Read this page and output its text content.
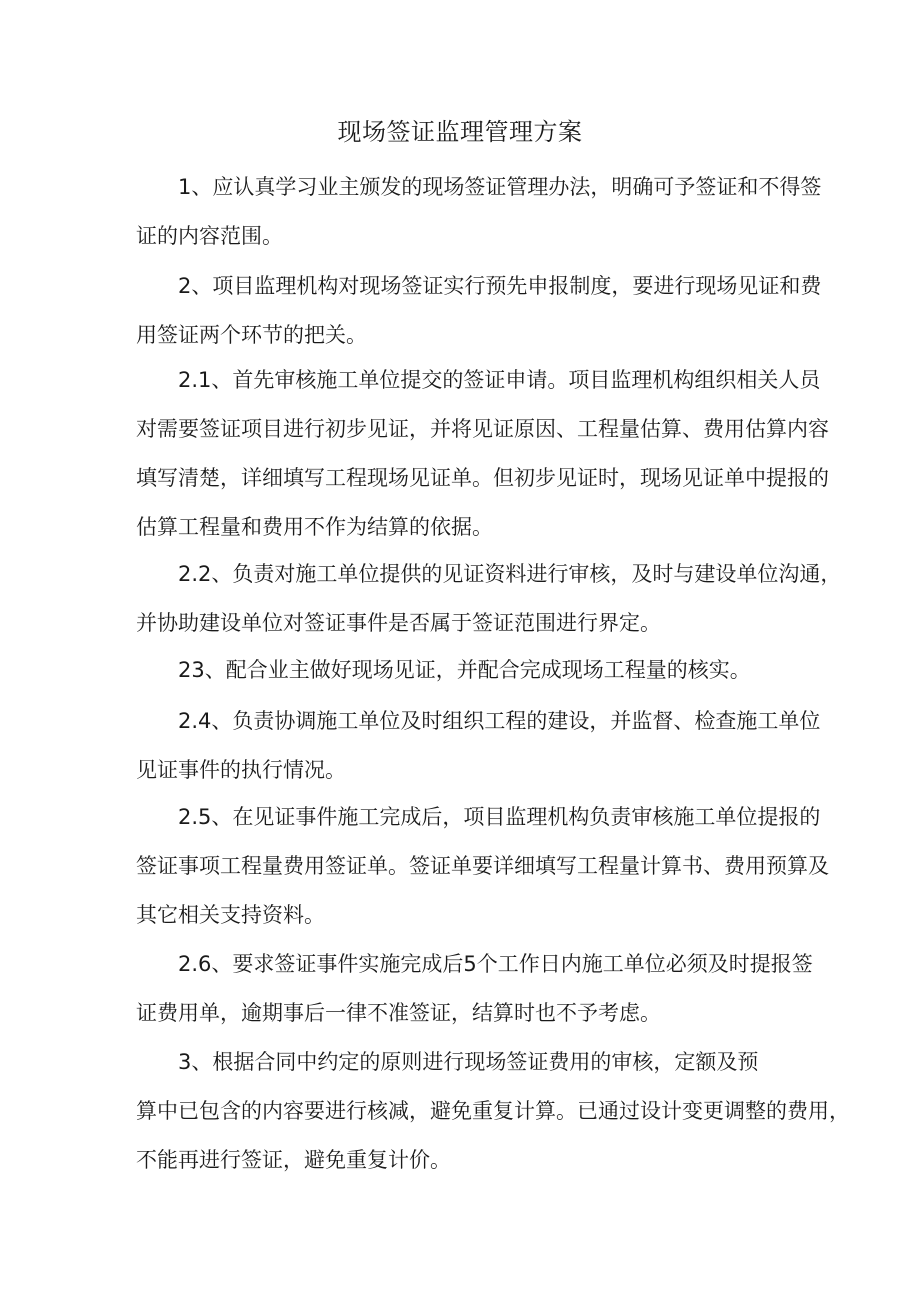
现场签证监理管理方案

1、应认真学习业主颁发的现场签证管理办法，明确可予签证和不得签
证的内容范围。

2、项目监理机构对现场签证实行预先申报制度，要进行现场见证和费
用签证两个环节的把关。

2.1、首先审核施工单位提交的签证申请。项目监理机构组织相关人员
对需要签证项目进行初步见证，并将见证原因、工程量估算、费用估算内容
填写清楚，详细填写工程现场见证单。但初步见证时，现场见证单中提报的
估算工程量和费用不作为结算的依据。

2.2、负责对施工单位提供的见证资料进行审核，及时与建设单位沟通，
并协助建设单位对签证事件是否属于签证范围进行界定。

23、配合业主做好现场见证，并配合完成现场工程量的核实。

2.4、负责协调施工单位及时组织工程的建设，并监督、检查施工单位
见证事件的执行情况。

2.5、在见证事件施工完成后，项目监理机构负责审核施工单位提报的
签证事项工程量费用签证单。签证单要详细填写工程量计算书、费用预算及
其它相关支持资料。

2.6、要求签证事件实施完成后5个工作日内施工单位必须及时提报签
证费用单，逾期事后一律不准签证，结算时也不予考虑。

3、根据合同中约定的原则进行现场签证费用的审核，定额及预
算中已包含的内容要进行核减，避免重复计算。已通过设计变更调整的费用，
不能再进行签证，避免重复计价。
